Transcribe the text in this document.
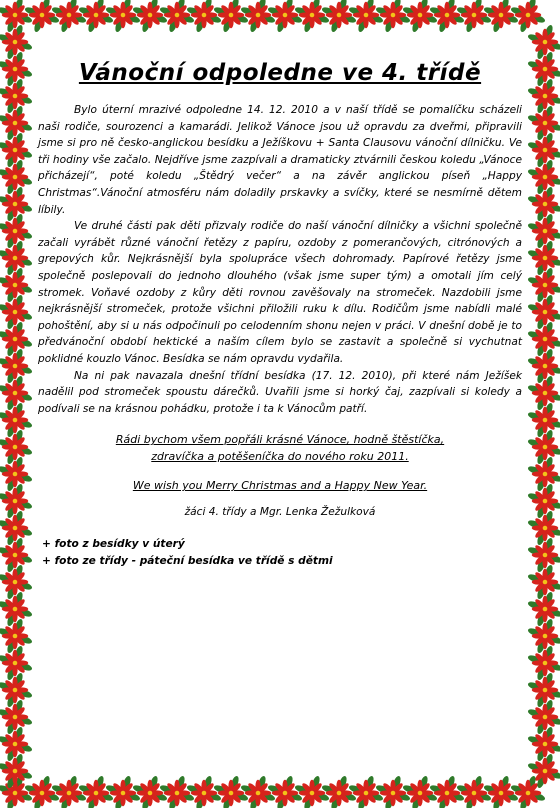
Vánoční odpoledne ve 4. třídě

Bylo úterní mrazivé odpoledne 14. 12. 2010 a v naší třídě se pomalíčku scházeli naši rodiče, sourozenci a kamarádi. Jelikož Vánoce jsou už opravdu za dveřmi, připravili jsme si pro ně česko-anglickou besídku a Ježíškovu + Santa Clausovu vánoční dílničku. Ve tři hodiny vše začalo. Nejdříve jsme zazpívali a dramaticky ztvárnili českou koledu „Vánoce přicházejí“, poté koledu „Štědrý večer“ a na závěr anglickou píseň „Happy Christmas“.Vánoční atmosféru nám doladily prskavky a svíčky, které se nesmírně dětem líbily.

Ve druhé části pak děti přizvaly rodiče do naší vánoční dílničky a všichni společně začali vyrábět různé vánoční řetězy z papíru, ozdoby z pomerančových, citrónových a grepových kůr. Nejkrásnější byla spolupráce všech dohromady. Papírové řetězy jsme společně poslepovali do jednoho dlouhého (však jsme super tým) a omotali jím celý stromek. Voňavé ozdoby z kůry děti rovnou zavěšovaly na stromeček. Nazdobili jsme nejkrásnější stromeček, protože všichni přiložili ruku k dílu. Rodičům jsme nabídli malé pohoštění, aby si u nás odpočinuli po celodenním shonu nejen v práci. V dnešní době je to předvánoční období hektické a naším cílem bylo se zastavit a společně si vychutnat poklidné kouzlo Vánoc. Besídka se nám opravdu vydařila.

Na ni pak navazala dnešní třídní besídka (17. 12. 2010), při které nám Ježíšek nadělil pod stromeček spoustu dárečků. Uvařili jsme si horký čaj, zazpívali si koledy a podívali se na krásnou pohádku, protože i ta k Vánocům patří.

Rádi bychom všem popřáli krásné Vánoce, hodně štěstíčka,
zdravíčka a potěšeníčka do nového roku 2011.
We wish you Merry Christmas and a Happy New Year.
žáci 4. třídy a Mgr. Lenka Žežulková
+ foto z besídky v úterý
+ foto ze třídy - páteční besídka ve třídě s dětmi
